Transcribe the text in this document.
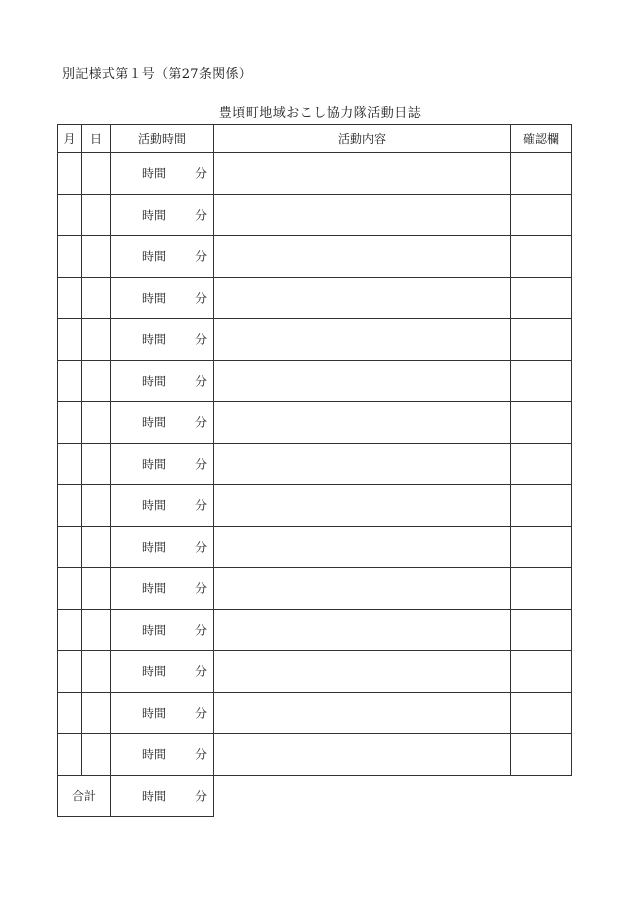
別記様式第１号（第27条関係）
豊頃町地域おこし協力隊活動日誌
月	日	活動時間	活動内容	確認欄

		時間 分		

		時間 分		

		時間 分		

		時間 分		

		時間 分		

		時間 分		

		時間 分		

		時間 分		

		時間 分		

		時間 分		

		時間 分		

		時間 分		

		時間 分		

		時間 分		

		時間 分		

合計		時間 分		
